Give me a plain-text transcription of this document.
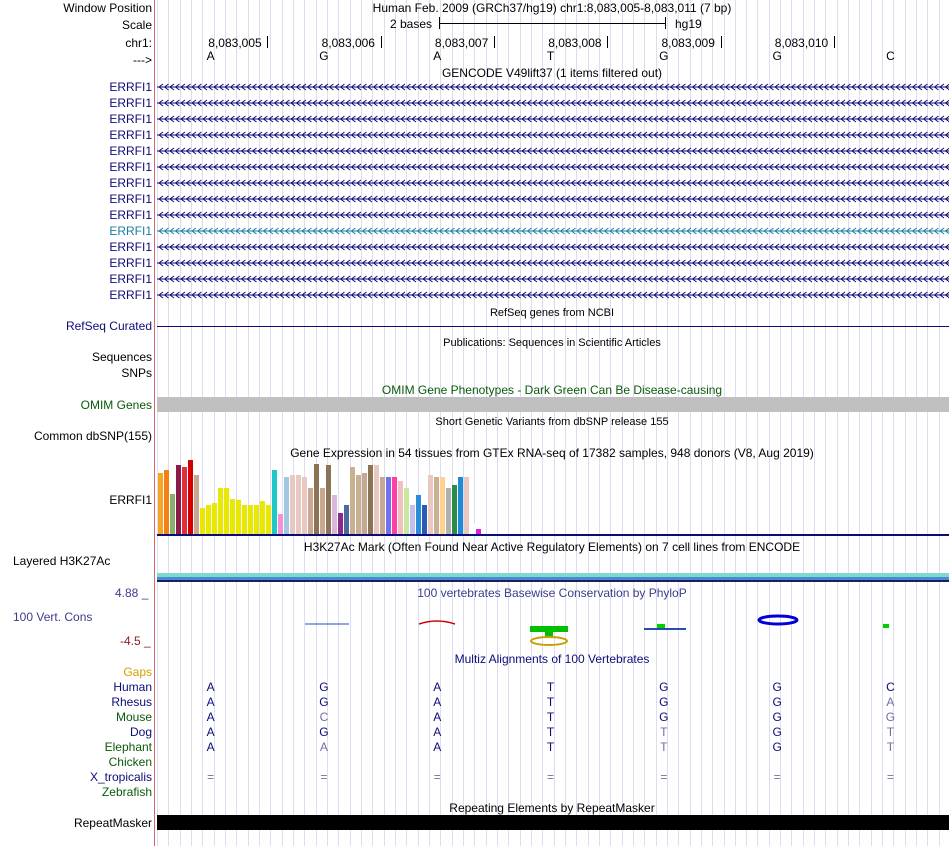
Window Position	Human Feb. 2009 (GRCh37/hg19) chr1:8,083,005-8,083,011 (7 bp)
Scale	2 bases	hg19
chr1:	8,083,005	8,083,006	8,083,007	8,083,008	8,083,009	8,083,010
--->	A	G	A	T	G	G	C
GENCODE V49lift37 (1 items filtered out)
ERRFI1
ERRFI1
ERRFI1
ERRFI1
ERRFI1
ERRFI1
ERRFI1
ERRFI1
ERRFI1
ERRFI1
ERRFI1
ERRFI1
ERRFI1
ERRFI1
RefSeq genes from NCBI
RefSeq Curated
Publications: Sequences in Scientific Articles
Sequences
SNPs
OMIM Gene Phenotypes - Dark Green Can Be Disease-causing
OMIM Genes
Short Genetic Variants from dbSNP release 155
Common dbSNP(155)
Gene Expression in 54 tissues from GTEx RNA-seq of 17382 samples, 948 donors (V8, Aug 2019)
ERRFI1
H3K27Ac Mark (Often Found Near Active Regulatory Elements) on 7 cell lines from ENCODE
Layered H3K27Ac
4.88 _	100 vertebrates Basewise Conservation by PhyloP
100 Vert. Cons
-4.5 _
Multiz Alignments of 100 Vertebrates
Gaps
Human	A	G	A	T	G	G	C
Rhesus	A	G	A	T	G	G	A
Mouse	A	C	A	T	G	G	G
Dog	A	G	A	T	T	G	T
Elephant	A	A	A	T	T	G	T
Chicken
X_tropicalis	=	=	=	=	=	=	=
Zebrafish
Repeating Elements by RepeatMasker
RepeatMasker
